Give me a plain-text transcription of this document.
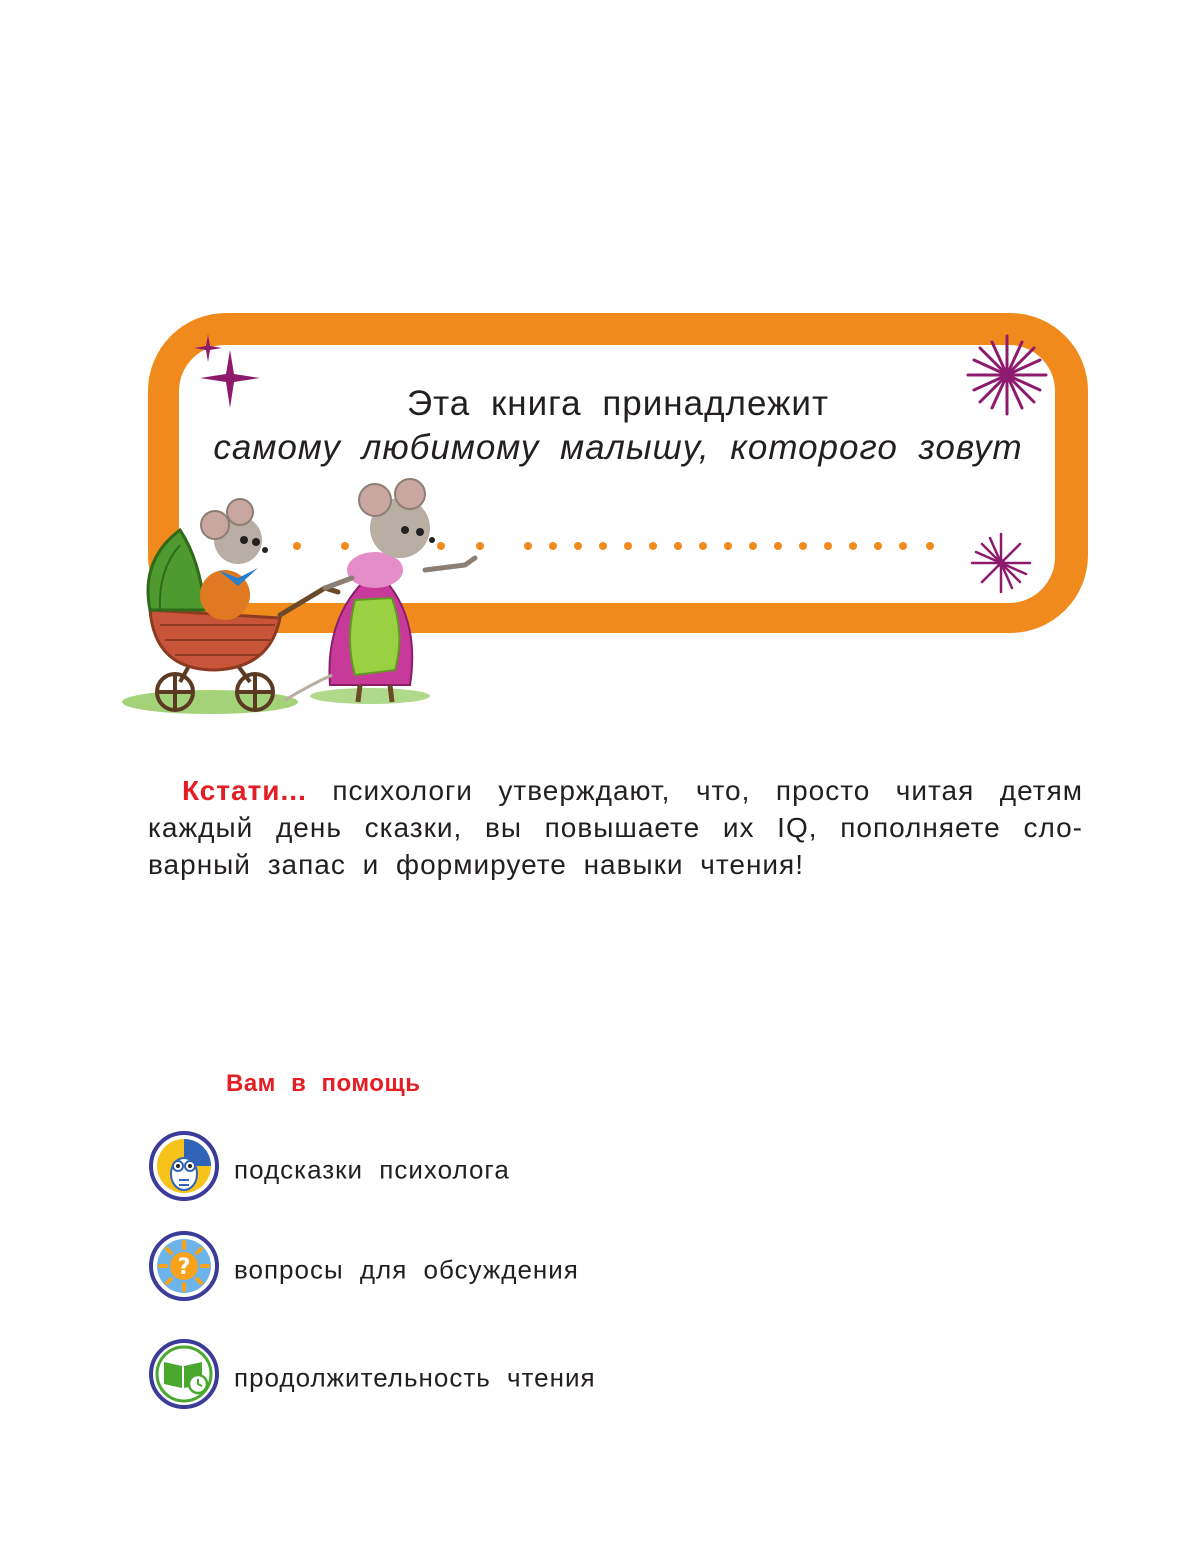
Эта книга принадлежит
самому любимому малышу, которого зовут
Кстати... психологи утверждают, что, просто читая детям каждый день сказки, вы повышаете их IQ, пополняете сло-варный запас и формируете навыки чтения!
Вам в помощь
подсказки психолога
? вопросы для обсуждения
продолжительность чтения
